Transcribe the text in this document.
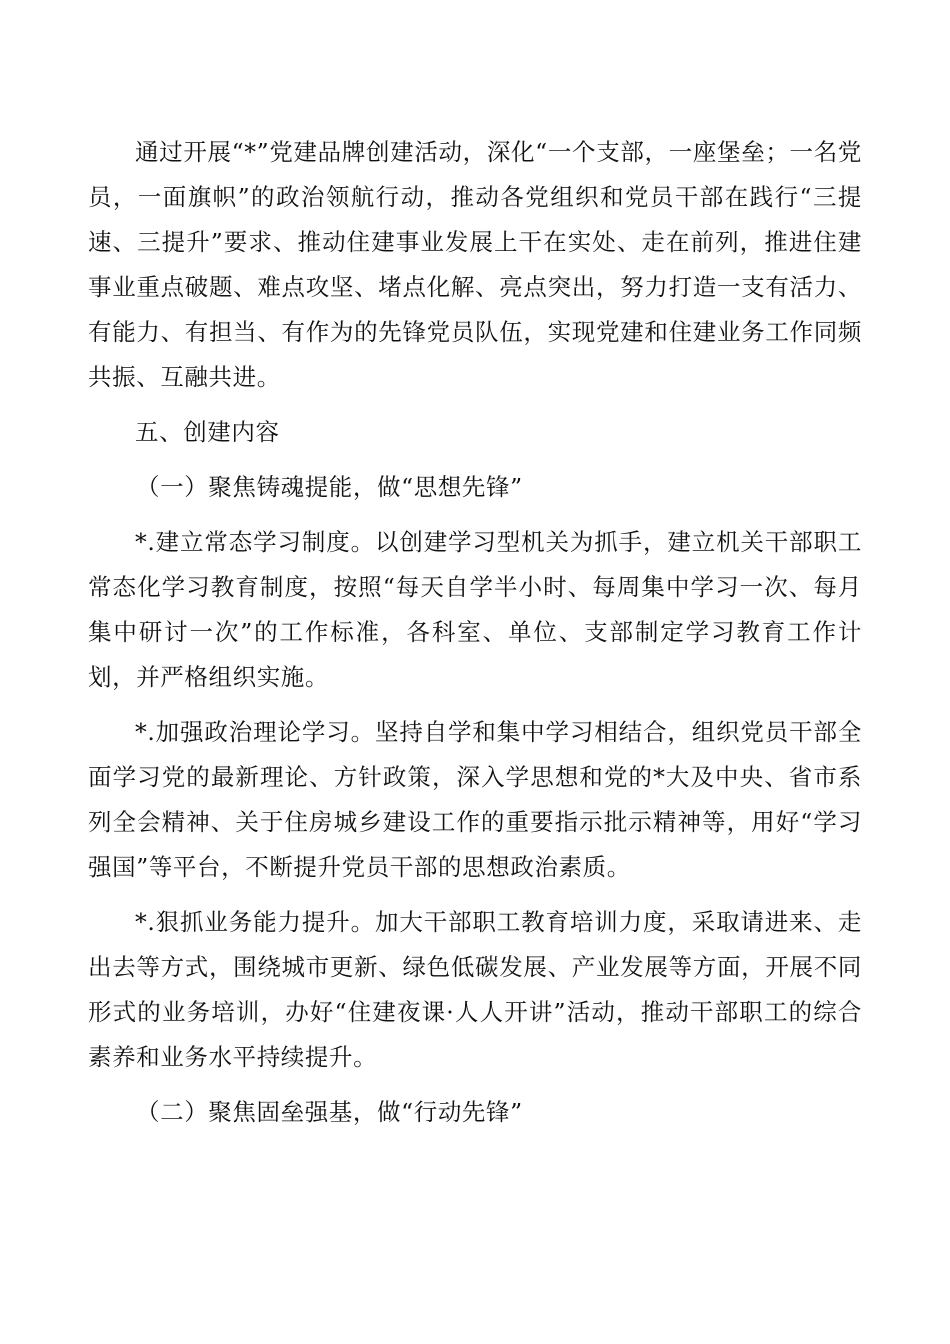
通过开展“*”党建品牌创建活动，深化“一个支部，一座堡垒；一名党员，一面旗帜”的政治领航行动，推动各党组织和党员干部在践行“三提速、三提升”要求、推动住建事业发展上干在实处、走在前列，推进住建事业重点破题、难点攻坚、堵点化解、亮点突出，努力打造一支有活力、有能力、有担当、有作为的先锋党员队伍，实现党建和住建业务工作同频共振、互融共进。

五、创建内容

（一）聚焦铸魂提能，做“思想先锋”

*.建立常态学习制度。以创建学习型机关为抓手，建立机关干部职工常态化学习教育制度，按照“每天自学半小时、每周集中学习一次、每月集中研讨一次”的工作标准，各科室、单位、支部制定学习教育工作计划，并严格组织实施。

*.加强政治理论学习。坚持自学和集中学习相结合，组织党员干部全面学习党的最新理论、方针政策，深入学思想和党的*大及中央、省市系列全会精神、关于住房城乡建设工作的重要指示批示精神等，用好“学习强国”等平台，不断提升党员干部的思想政治素质。

*.狠抓业务能力提升。加大干部职工教育培训力度，采取请进来、走出去等方式，围绕城市更新、绿色低碳发展、产业发展等方面，开展不同形式的业务培训，办好“住建夜课·人人开讲”活动，推动干部职工的综合素养和业务水平持续提升。

（二）聚焦固垒强基，做“行动先锋”
